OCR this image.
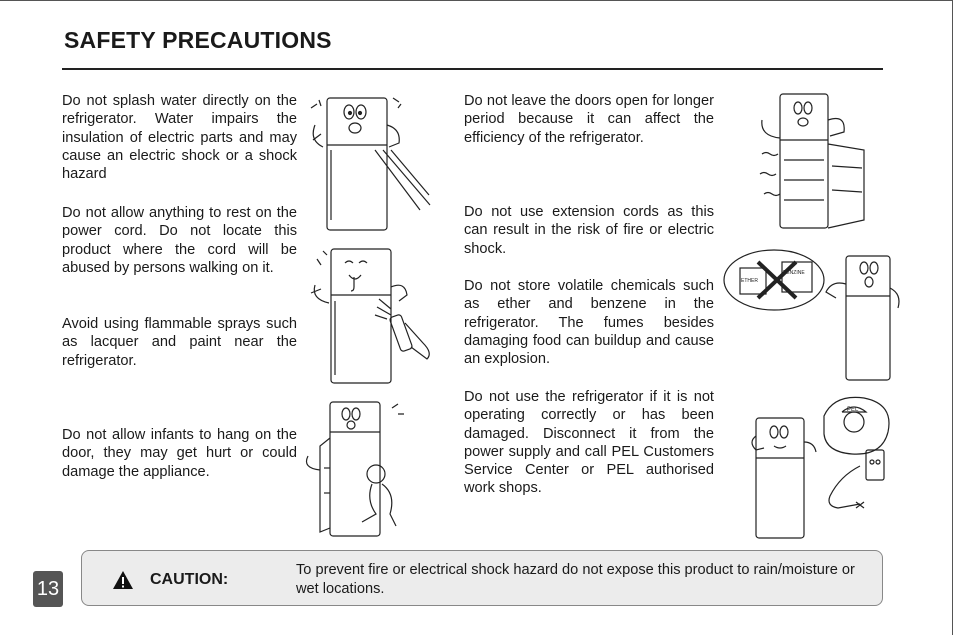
SAFETY PRECAUTIONS

Do not splash water directly on the refrigerator. Water impairs the insulation of electric parts and may cause an electric shock or a shock hazard

Do not allow anything to rest on the power cord. Do not locate this product where the cord will be abused by persons walking on it.

Avoid using flammable sprays such as lacquer and paint near the refrigerator.

Do not allow infants to hang on the door, they may get hurt or could damage the appliance.

Do not leave the doors open for longer period because it can affect the efficiency of the refrigerator.

Do not use extension cords as this can result in the risk of fire or electric shock.

Do not store volatile chemicals such as ether and benzene in the refrigerator. The fumes besides damaging food can buildup and cause an explosion.

Do not use the refrigerator if it is not operating correctly or has been damaged. Disconnect it from the power supply and call PEL Customers Service Center or PEL authorised work shops.

ETHER
BENZINE
PEL
CAUTION:

To prevent fire or electrical shock hazard do not expose this product to rain/moisture or wet locations.

13
